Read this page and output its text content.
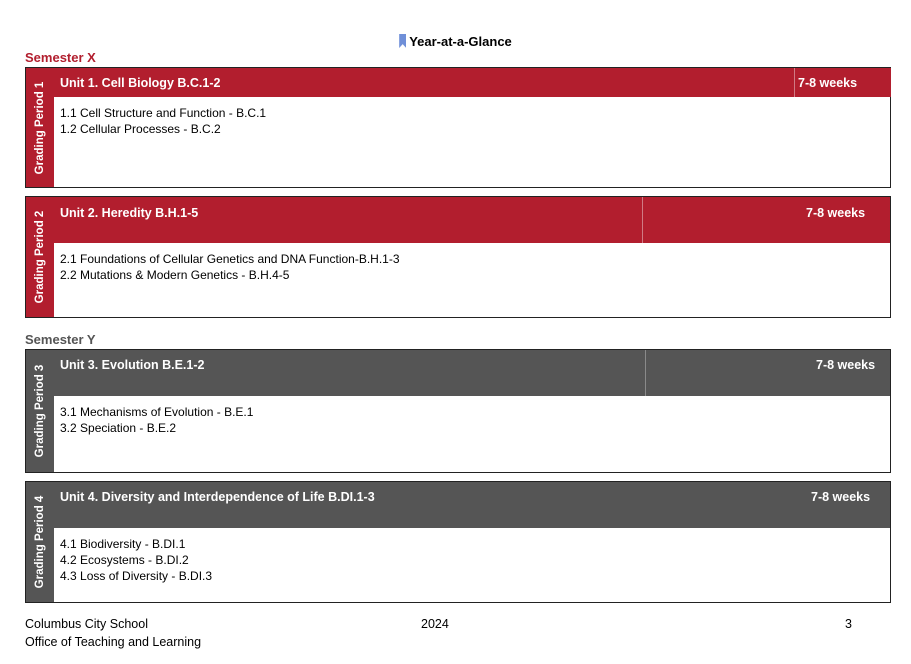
Year-at-a-Glance
Semester X
Grading Period 1 Unit 1. Cell Biology B.C.1-2	7-8 weeks
1.1 Cell Structure and Function - B.C.1
1.2 Cellular Processes - B.C.2
Grading Period 2 Unit 2. Heredity B.H.1-5	7-8 weeks
2.1 Foundations of Cellular Genetics and DNA Function-B.H.1-3
2.2 Mutations & Modern Genetics - B.H.4-5
Semester Y
Grading Period 3 Unit 3. Evolution B.E.1-2	7-8 weeks
3.1 Mechanisms of Evolution - B.E.1
3.2 Speciation - B.E.2
Grading Period 4 Unit 4. Diversity and Interdependence of Life B.DI.1-3	7-8 weeks
4.1 Biodiversity - B.DI.1
4.2 Ecosystems - B.DI.2
4.3 Loss of Diversity - B.DI.3
Columbus City School
Office of Teaching and Learning
2024	3
